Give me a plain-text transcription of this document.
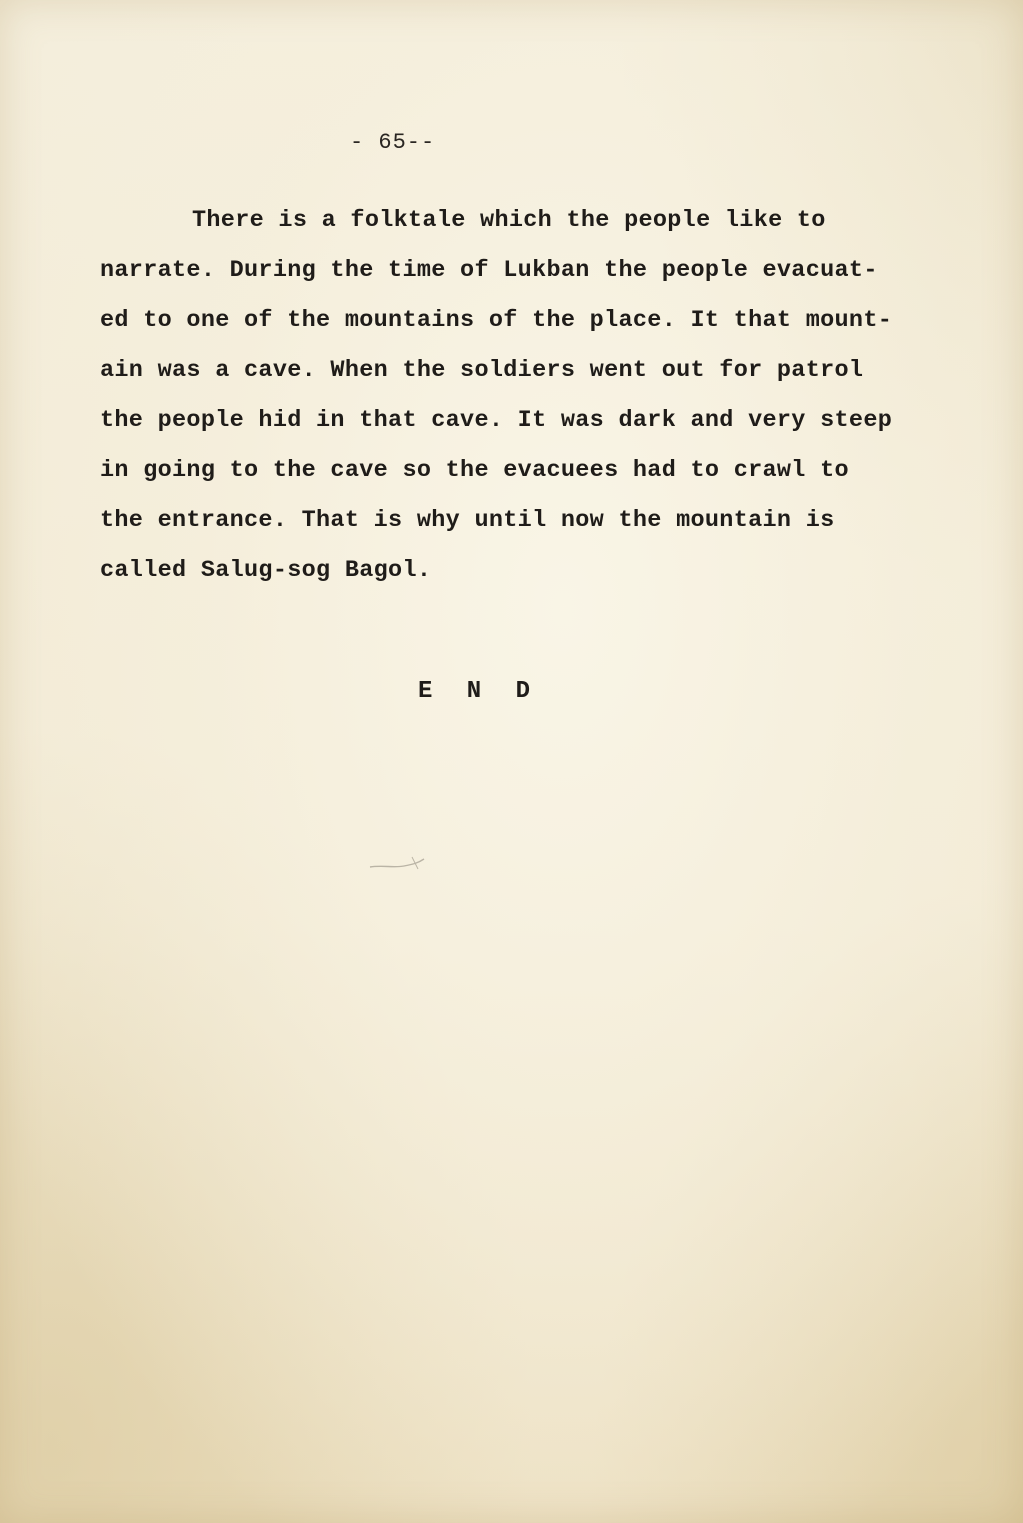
- 65--
There is a folktale which the people like to
narrate. During the time of Lukban the people evacuat-
ed to one of the mountains of the place. It that mount-
ain was a cave. When the soldiers went out for patrol
the people hid in that cave. It was dark and very steep
in going to the cave so the evacuees had to crawl to
the entrance. That is why until now the mountain is
called Salug-sog Bagol.
E N D
